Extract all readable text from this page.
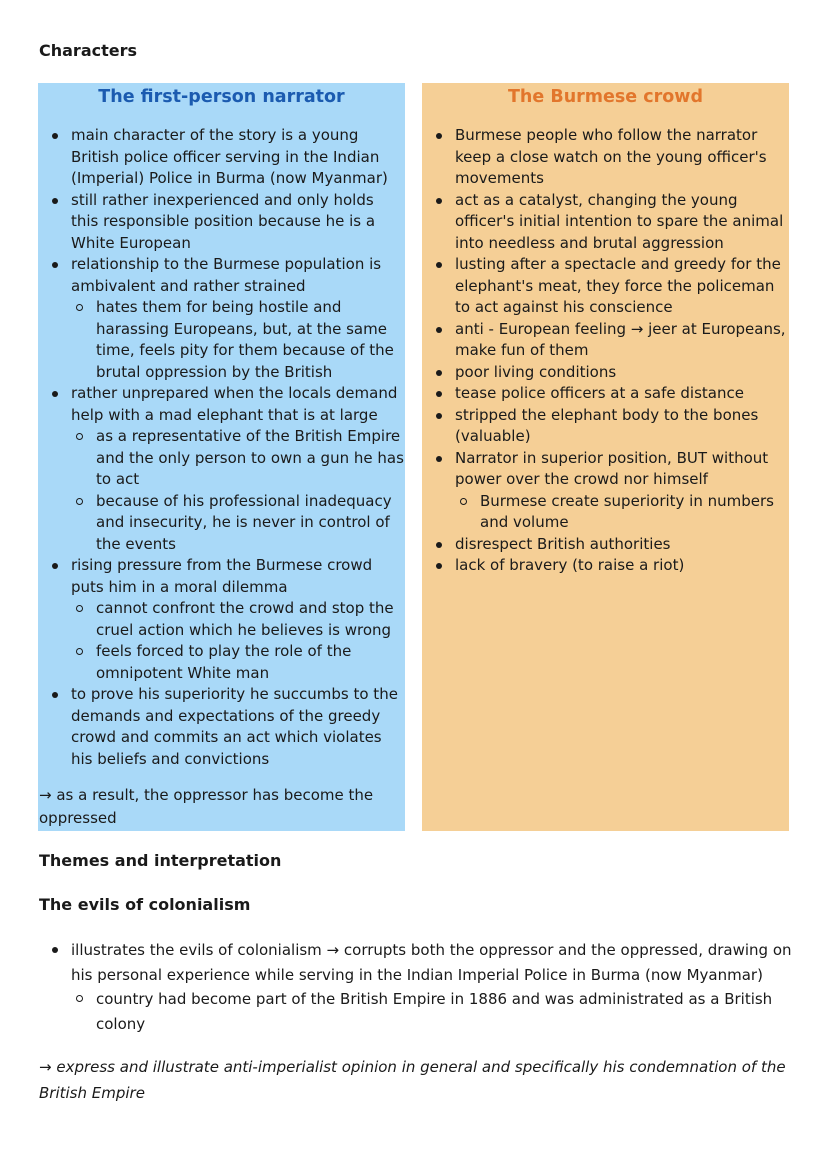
Characters
The first-person narrator
main character of the story is a young British police officer serving in the Indian (Imperial) Police in Burma (now Myanmar)
still rather inexperienced and only holds this responsible position because he is a White European
relationship to the Burmese population is ambivalent and rather strained
hates them for being hostile and harassing Europeans, but, at the same time, feels pity for them because of the brutal oppression by the British
rather unprepared when the locals demand help with a mad elephant that is at large
as a representative of the British Empire and the only person to own a gun he has to act
because of his professional inadequacy and insecurity, he is never in control of the events
rising pressure from the Burmese crowd puts him in a moral dilemma
cannot confront the crowd and stop the cruel action which he believes is wrong
feels forced to play the role of the omnipotent White man
to prove his superiority he succumbs to the demands and expectations of the greedy crowd and commits an act which violates his beliefs and convictions

→ as a result, the oppressor has become the oppressed

The Burmese crowd
Burmese people who follow the narrator keep a close watch on the young officer's movements
act as a catalyst, changing the young officer's initial intention to spare the animal into needless and brutal aggression
lusting after a spectacle and greedy for the elephant's meat, they force the policeman to act against his conscience
anti - European feeling → jeer at Europeans, make fun of them
poor living conditions
tease police officers at a safe distance
stripped the elephant body to the bones (valuable)
Narrator in superior position, BUT without power over the crowd nor himself
Burmese create superiority in numbers and volume
disrespect British authorities
lack of bravery (to raise a riot)
Themes and interpretation
The evils of colonialism
illustrates the evils of colonialism → corrupts both the oppressor and the oppressed, drawing on his personal experience while serving in the Indian Imperial Police in Burma (now Myanmar)
country had become part of the British Empire in 1886 and was administrated as a British colony

→ express and illustrate anti-imperialist opinion in general and specifically his condemnation of the British Empire
